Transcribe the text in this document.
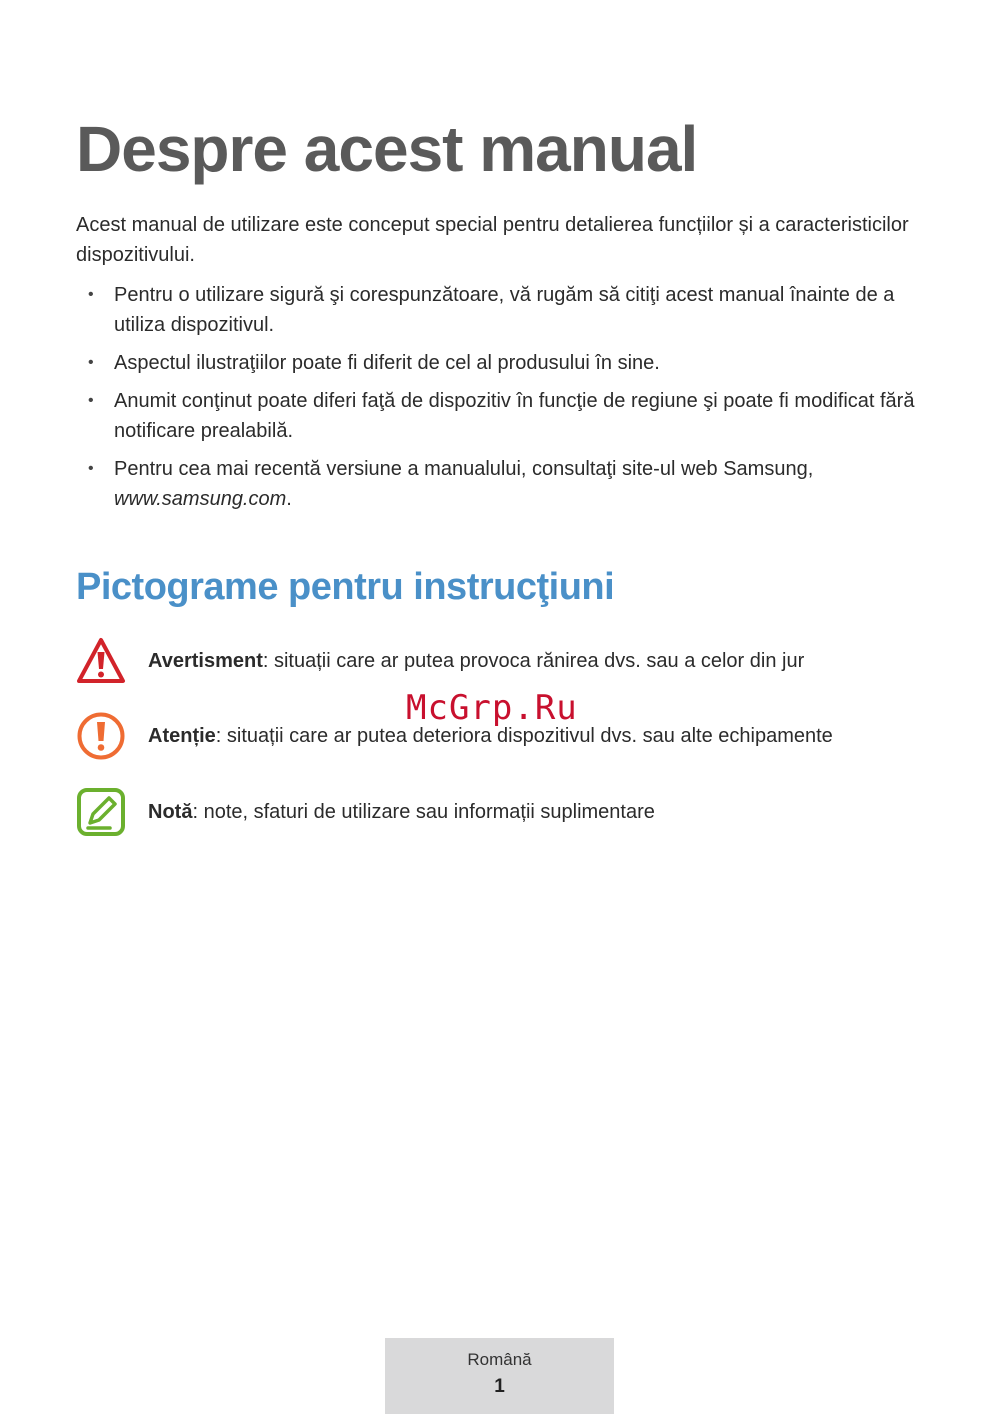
Despre acest manual

Acest manual de utilizare este conceput special pentru detalierea funcțiilor și a caracteristicilor dispozitivului.

• Pentru o utilizare sigură şi corespunzătoare, vă rugăm să citiţi acest manual înainte de a utiliza dispozitivul.
• Aspectul ilustraţiilor poate fi diferit de cel al produsului în sine.
• Anumit conţinut poate diferi faţă de dispozitiv în funcţie de regiune şi poate fi modificat fără notificare prealabilă.
• Pentru cea mai recentă versiune a manualului, consultaţi site-ul web Samsung,
www.samsung.com.
Pictograme pentru instrucţiuni
Avertisment: situații care ar putea provoca rănirea dvs. sau a celor din jur
Atenție: situații care ar putea deteriora dispozitivul dvs. sau alte echipamente
Notă: note, sfaturi de utilizare sau informații suplimentare
McGrp.Ru
Română
1
